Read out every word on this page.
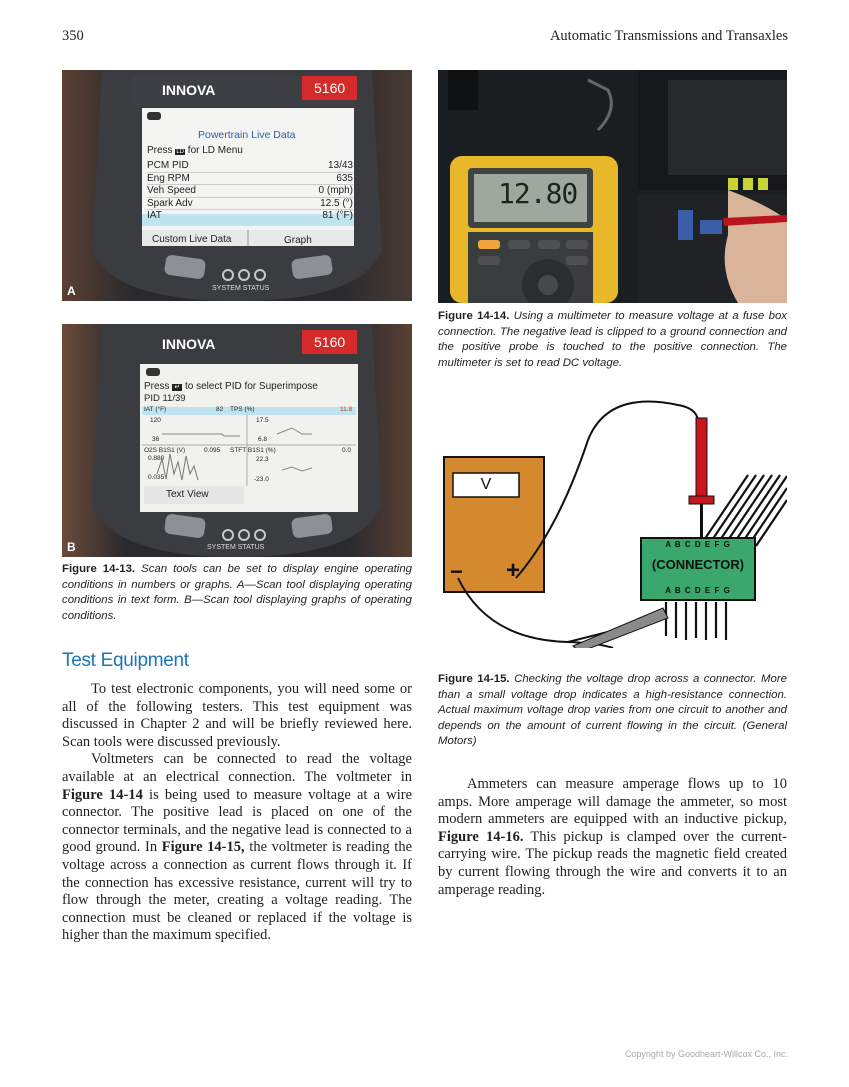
350	Automatic Transmissions and Transaxles
INNOVA	5160
Powertrain Live Data
Press LD for LD Menu
PCM PID	13/43
Eng RPM	635
Veh Speed	0 (mph)
Spark Adv	12.5 (°)
IAT	81 (°F)
Custom Live Data	Graph
SYSTEM STATUS
A
INNOVA	5160
Press ↵ to select PID for Superimpose
PID 11/39
IAT (°F)	82 TPS (%)	11.8
120
36
17.5
6.8
O2S B1S1 (V)	0.095 STFT B1S1 (%)	0.0
0.880
0.035
22.3
-23.0
Text View
SYSTEM STATUS
B
Figure 14-13. Scan tools can be set to display engine operating conditions in numbers or graphs. A—Scan tool displaying operating conditions in text form. B—Scan tool displaying graphs of operating conditions.
12.80
Figure 14-14. Using a multimeter to measure voltage at a fuse box connection. The negative lead is clipped to a ground connection and the positive probe is touched to the positive connection. The multimeter is set to read DC voltage.
V
− +
A B C D E F G
(CONNECTOR)
A B C D E F G
Figure 14-15. Checking the voltage drop across a connector. More than a small voltage drop indicates a high-resistance connection. Actual maximum voltage drop varies from one circuit to another and depends on the amount of current flowing in the circuit. (General Motors)
Test Equipment

To test electronic components, you will need some or all of the following testers. This test equipment was discussed in Chapter 2 and will be briefly reviewed here. Scan tools were discussed previously.

Voltmeters can be connected to read the voltage available at an electrical connection. The voltmeter in Figure 14-14 is being used to measure voltage at a wire connector. The positive lead is placed on one of the connector terminals, and the negative lead is connected to a good ground. In Figure 14-15, the voltmeter is reading the voltage across a connection as current flows through it. If the connection has excessive resistance, current will try to flow through the meter, creating a voltage reading. The connection must be cleaned or replaced if the voltage is higher than the maximum specified.

Ammeters can measure amperage flows up to 10 amps. More amperage will damage the ammeter, so most modern ammeters are equipped with an inductive pickup, Figure 14-16. This pickup is clamped over the current-carrying wire. The pickup reads the magnetic field created by current flowing through the wire and converts it to an amperage reading.

Copyright by Goodheart-Willcox Co., Inc.
